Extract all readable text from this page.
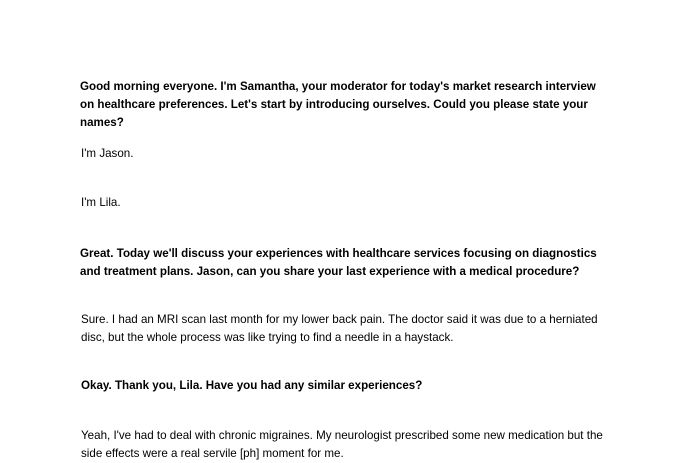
Good morning everyone. I'm Samantha, your moderator for today's market research interview on healthcare preferences. Let's start by introducing ourselves. Could you please state your names?

I'm Jason.

I'm Lila.

Great. Today we'll discuss your experiences with healthcare services focusing on diagnostics and treatment plans. Jason, can you share your last experience with a medical procedure?

Sure. I had an MRI scan last month for my lower back pain. The doctor said it was due to a herniated disc, but the whole process was like trying to find a needle in a haystack.

Okay. Thank you, Lila. Have you had any similar experiences?

Yeah, I've had to deal with chronic migraines. My neurologist prescribed some new medication but the side effects were a real servile [ph] moment for me.
